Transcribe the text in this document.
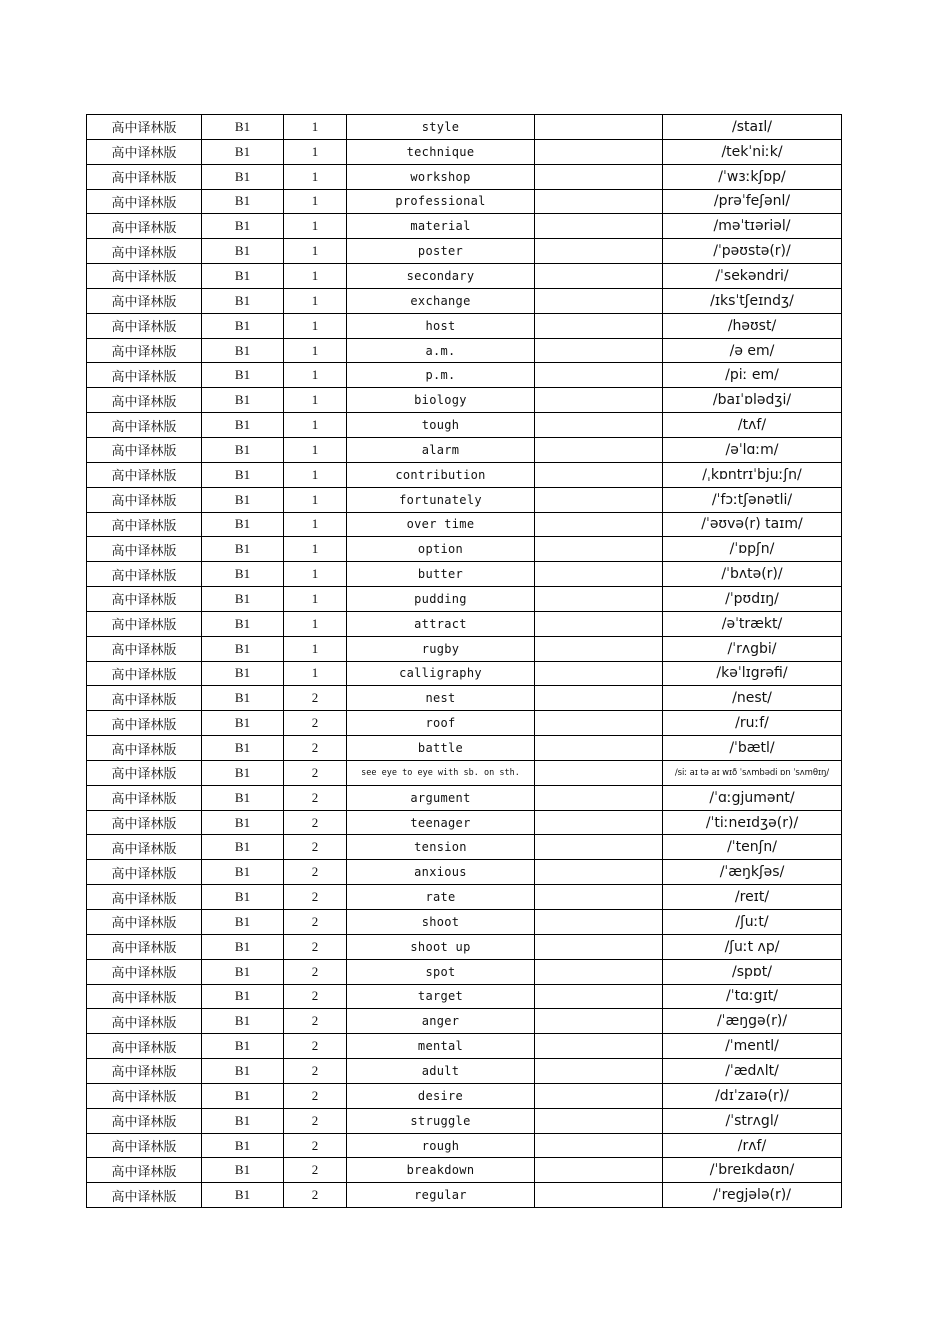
高中译林版	B1	1	style		/staɪl/
高中译林版	B1	1	technique		/tekˈniːk/
高中译林版	B1	1	workshop		/ˈwɜːkʃɒp/
高中译林版	B1	1	professional		/prəˈfeʃənl/
高中译林版	B1	1	material		/məˈtɪəriəl/
高中译林版	B1	1	poster		/ˈpəʊstə(r)/
高中译林版	B1	1	secondary		/ˈsekəndri/
高中译林版	B1	1	exchange		/ɪksˈtʃeɪndʒ/
高中译林版	B1	1	host		/həʊst/
高中译林版	B1	1	a.m.		/ə em/
高中译林版	B1	1	p.m.		/piː em/
高中译林版	B1	1	biology		/baɪˈɒlədʒi/
高中译林版	B1	1	tough		/tʌf/
高中译林版	B1	1	alarm		/əˈlɑːm/
高中译林版	B1	1	contribution		/ˌkɒntrɪˈbjuːʃn/
高中译林版	B1	1	fortunately		/ˈfɔːtʃənətli/
高中译林版	B1	1	over time		/ˈəʊvə(r) taɪm/
高中译林版	B1	1	option		/ˈɒpʃn/
高中译林版	B1	1	butter		/ˈbʌtə(r)/
高中译林版	B1	1	pudding		/ˈpʊdɪŋ/
高中译林版	B1	1	attract		/əˈtrækt/
高中译林版	B1	1	rugby		/ˈrʌgbi/
高中译林版	B1	1	calligraphy		/kəˈlɪgrəfi/
高中译林版	B1	2	nest		/nest/
高中译林版	B1	2	roof		/ruːf/
高中译林版	B1	2	battle		/ˈbætl/
高中译林版	B1	2	see eye to eye with sb. on sth.		/siː aɪ tə aɪ wɪð ˈsʌmbədi ɒn ˈsʌmθɪŋ/
高中译林版	B1	2	argument		/ˈɑːgjumənt/
高中译林版	B1	2	teenager		/ˈtiːneɪdʒə(r)/
高中译林版	B1	2	tension		/ˈtenʃn/
高中译林版	B1	2	anxious		/ˈæŋkʃəs/
高中译林版	B1	2	rate		/reɪt/
高中译林版	B1	2	shoot		/ʃuːt/
高中译林版	B1	2	shoot up		/ʃuːt ʌp/
高中译林版	B1	2	spot		/spɒt/
高中译林版	B1	2	target		/ˈtɑːgɪt/
高中译林版	B1	2	anger		/ˈæŋgə(r)/
高中译林版	B1	2	mental		/ˈmentl/
高中译林版	B1	2	adult		/ˈædʌlt/
高中译林版	B1	2	desire		/dɪˈzaɪə(r)/
高中译林版	B1	2	struggle		/ˈstrʌgl/
高中译林版	B1	2	rough		/rʌf/
高中译林版	B1	2	breakdown		/ˈbreɪkdaʊn/
高中译林版	B1	2	regular		/ˈregjələ(r)/
